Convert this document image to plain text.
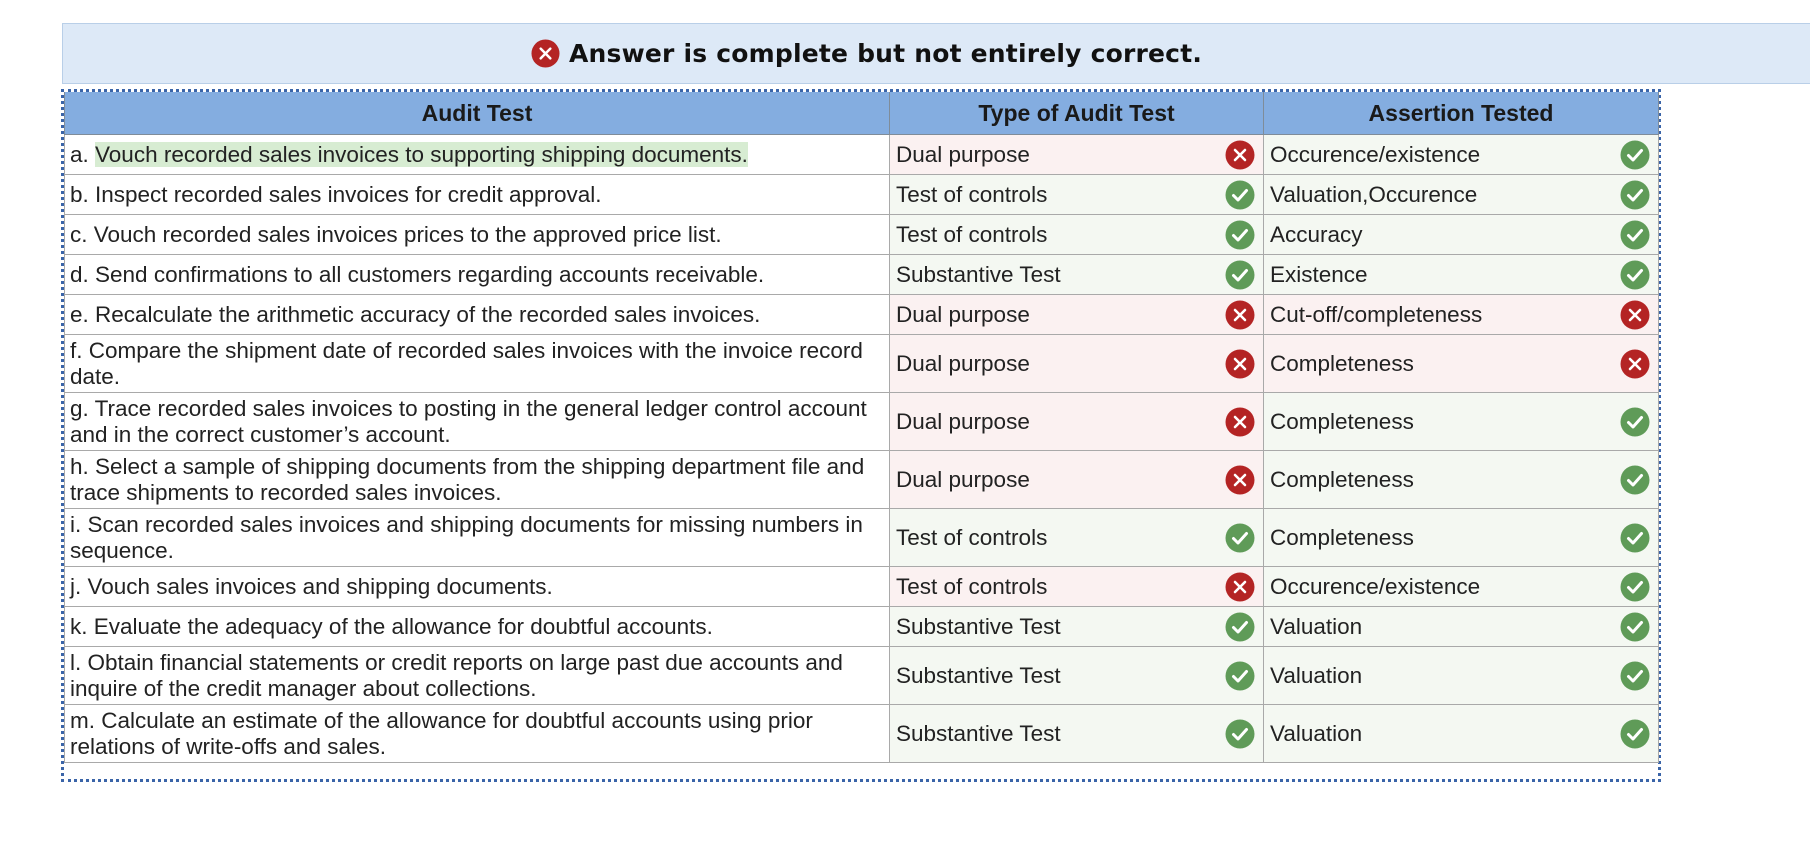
Answer is complete but not entirely correct.
Audit Test	Type of Audit Test	Assertion Tested
a. Vouch recorded sales invoices to supporting shipping documents.	Dual purpose	Occurence/existence

b. Inspect recorded sales invoices for credit approval.	Test of controls	Valuation,Occurence

c. Vouch recorded sales invoices prices to the approved price list.	Test of controls	Accuracy

d. Send confirmations to all customers regarding accounts receivable.	Substantive Test	Existence

e. Recalculate the arithmetic accuracy of the recorded sales invoices.	Dual purpose	Cut-off/completeness

f. Compare the shipment date of recorded sales invoices with the invoice record date.	Dual purpose	Completeness

g. Trace recorded sales invoices to posting in the general ledger control account and in the correct customer’s account.	Dual purpose	Completeness

h. Select a sample of shipping documents from the shipping department file and trace shipments to recorded sales invoices.	Dual purpose	Completeness

i. Scan recorded sales invoices and shipping documents for missing numbers in sequence.	Test of controls	Completeness

j. Vouch sales invoices and shipping documents.	Test of controls	Occurence/existence

k. Evaluate the adequacy of the allowance for doubtful accounts.	Substantive Test	Valuation

l. Obtain financial statements or credit reports on large past due accounts and inquire of the credit manager about collections.	Substantive Test	Valuation

m. Calculate an estimate of the allowance for doubtful accounts using prior relations of write-offs and sales.	Substantive Test	Valuation
